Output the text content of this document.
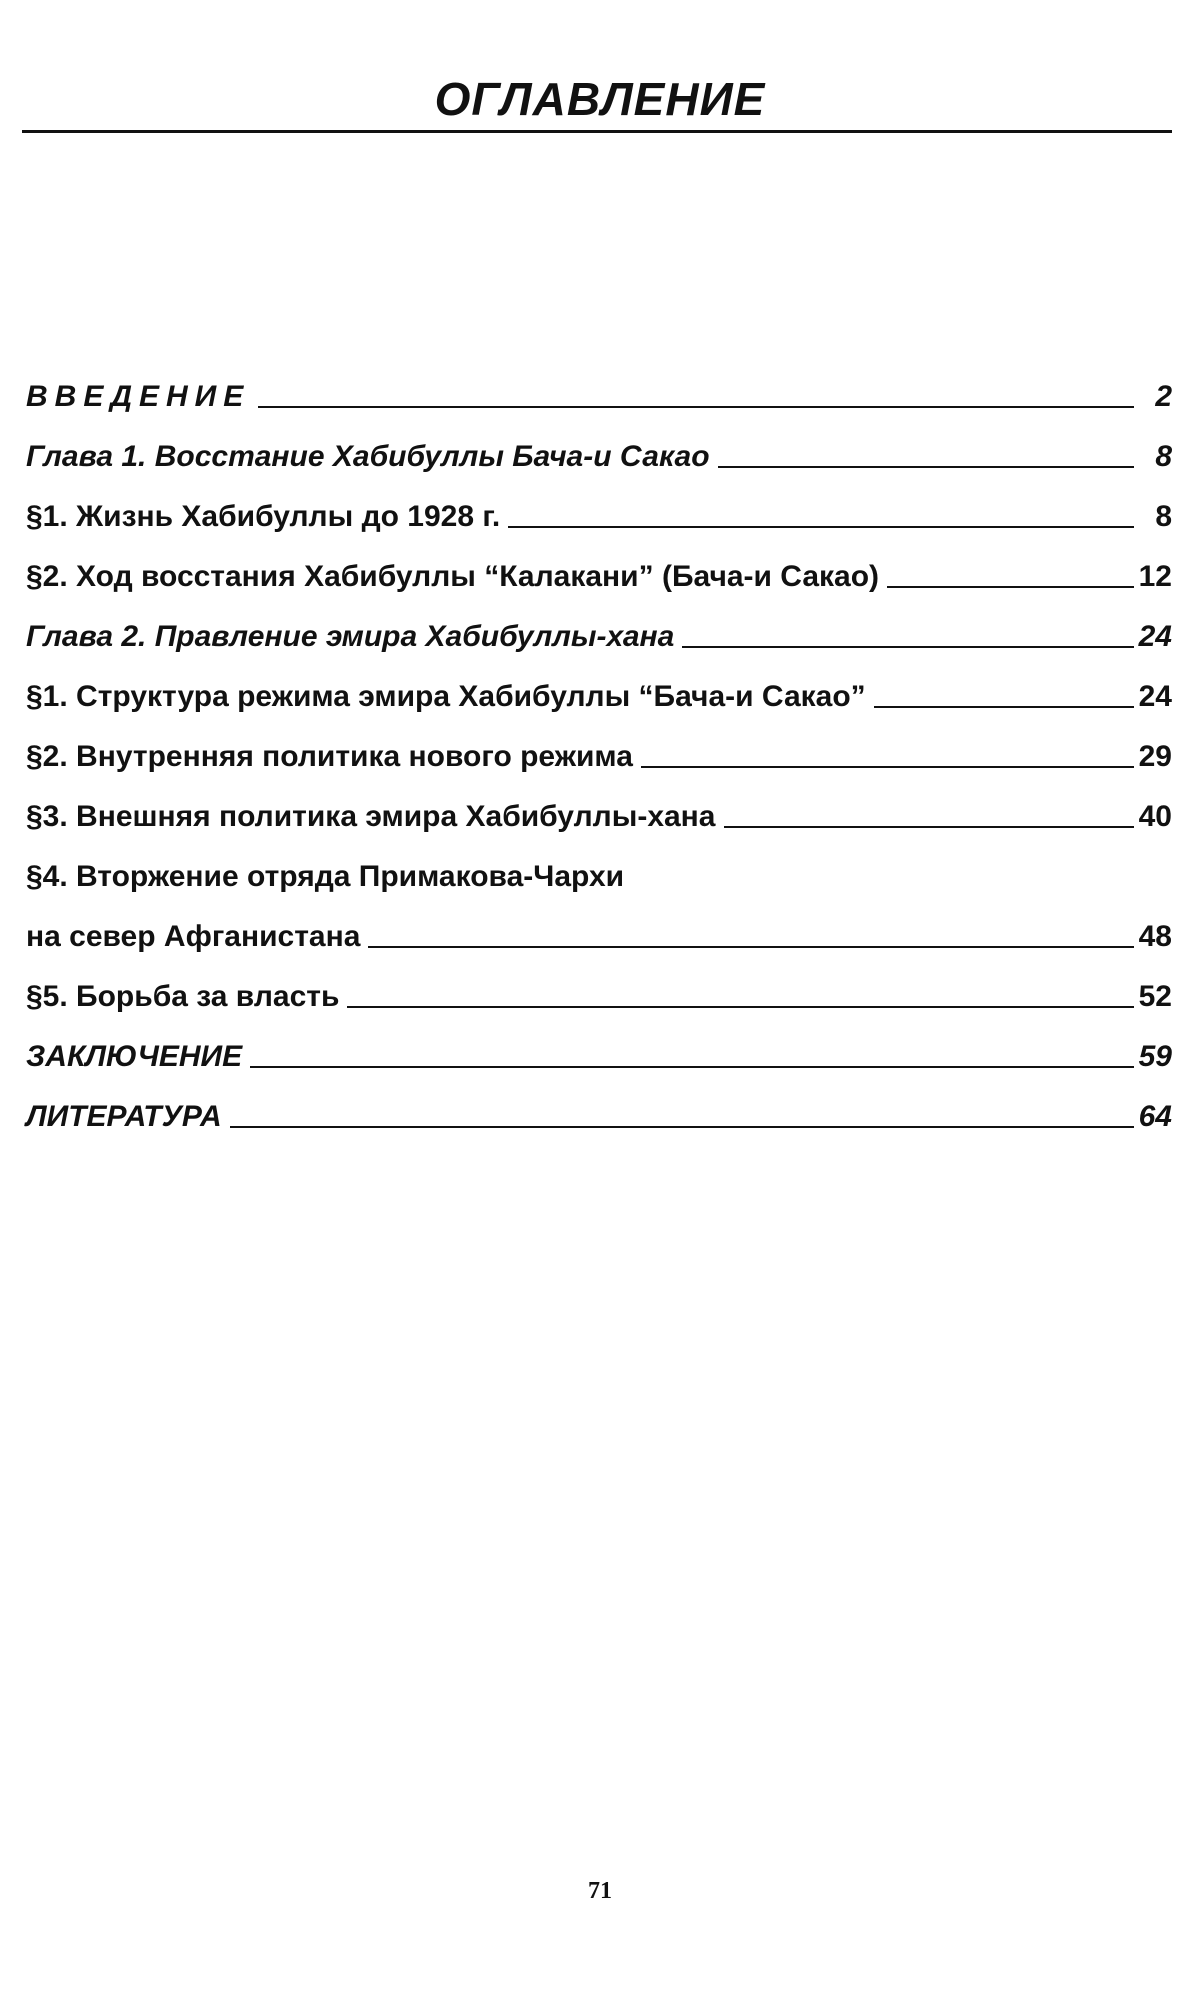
ОГЛАВЛЕНИЕ
ВВЕДЕНИЕ	2
Глава 1. Восстание Хабибуллы Бача-и Сакао	8
§1. Жизнь Хабибуллы до 1928 г.	8
§2. Ход восстания Хабибуллы “Калакани” (Бача-и Сакао)	12
Глава 2. Правление эмира Хабибуллы-хана	24
§1. Структура режима эмира Хабибуллы “Бача-и Сакао”	24
§2. Внутренняя политика нового режима	29
§3. Внешняя политика эмира Хабибуллы-хана	40
§4. Вторжение отряда Примакова-Чархи
на север Афганистана	48
§5. Борьба за власть	52
ЗАКЛЮЧЕНИЕ	59
ЛИТЕРАТУРА	64
71
